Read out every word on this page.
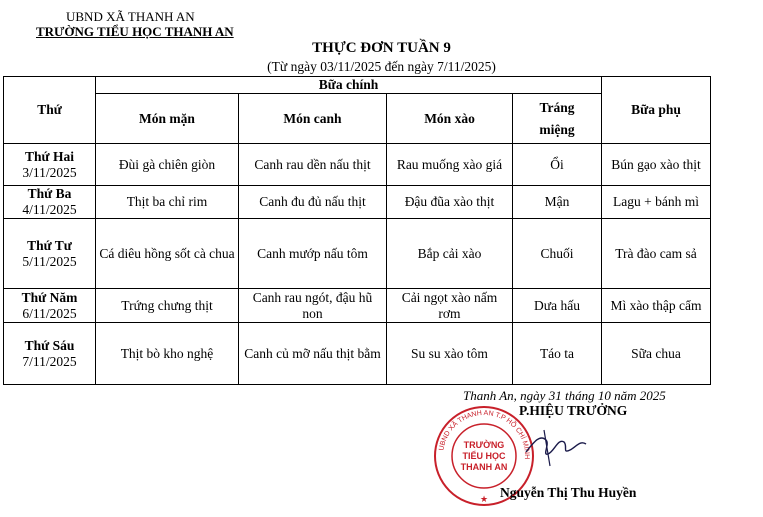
UBND XÃ THANH AN
TRƯỜNG TIỂU HỌC THANH AN
THỰC ĐƠN TUẦN 9
(Từ ngày 03/11/2025 đến ngày 7/11/2025)
Thứ	Bữa chính				Bữa phụ
	Món mặn	Món canh	Món xào	Tráng
miệng	

Thứ Hai
3/11/2025	Đùi gà chiên giòn	Canh rau dền nấu thịt	Rau muống xào giá	Ổi	Bún gạo xào thịt

Thứ Ba
4/11/2025	Thịt ba chỉ rim	Canh đu đủ nấu thịt	Đậu đũa xào thịt	Mận	Lagu + bánh mì

Thứ Tư
5/11/2025	Cá diêu hồng sốt cà chua	Canh mướp nấu tôm	Bắp cải xào	Chuối	Trà đào cam sả

Thứ Năm
6/11/2025	Trứng chưng thịt	Canh rau ngót, đậu hũ non	Cải ngọt xào nấm rơm	Dưa hấu	Mì xào thập cẩm

Thứ Sáu
7/11/2025	Thịt bò kho nghệ	Canh củ mỡ nấu thịt bằm	Su su xào tôm	Táo ta	Sữa chua
Thanh An, ngày 31 tháng 10 năm 2025
UBND XÃ THANH AN T.P HỒ CHÍ MINH
TRƯỜNG
TIỂU HỌC
THANH AN
★
P.HIỆU TRƯỞNG
Nguyễn Thị Thu Huyền
